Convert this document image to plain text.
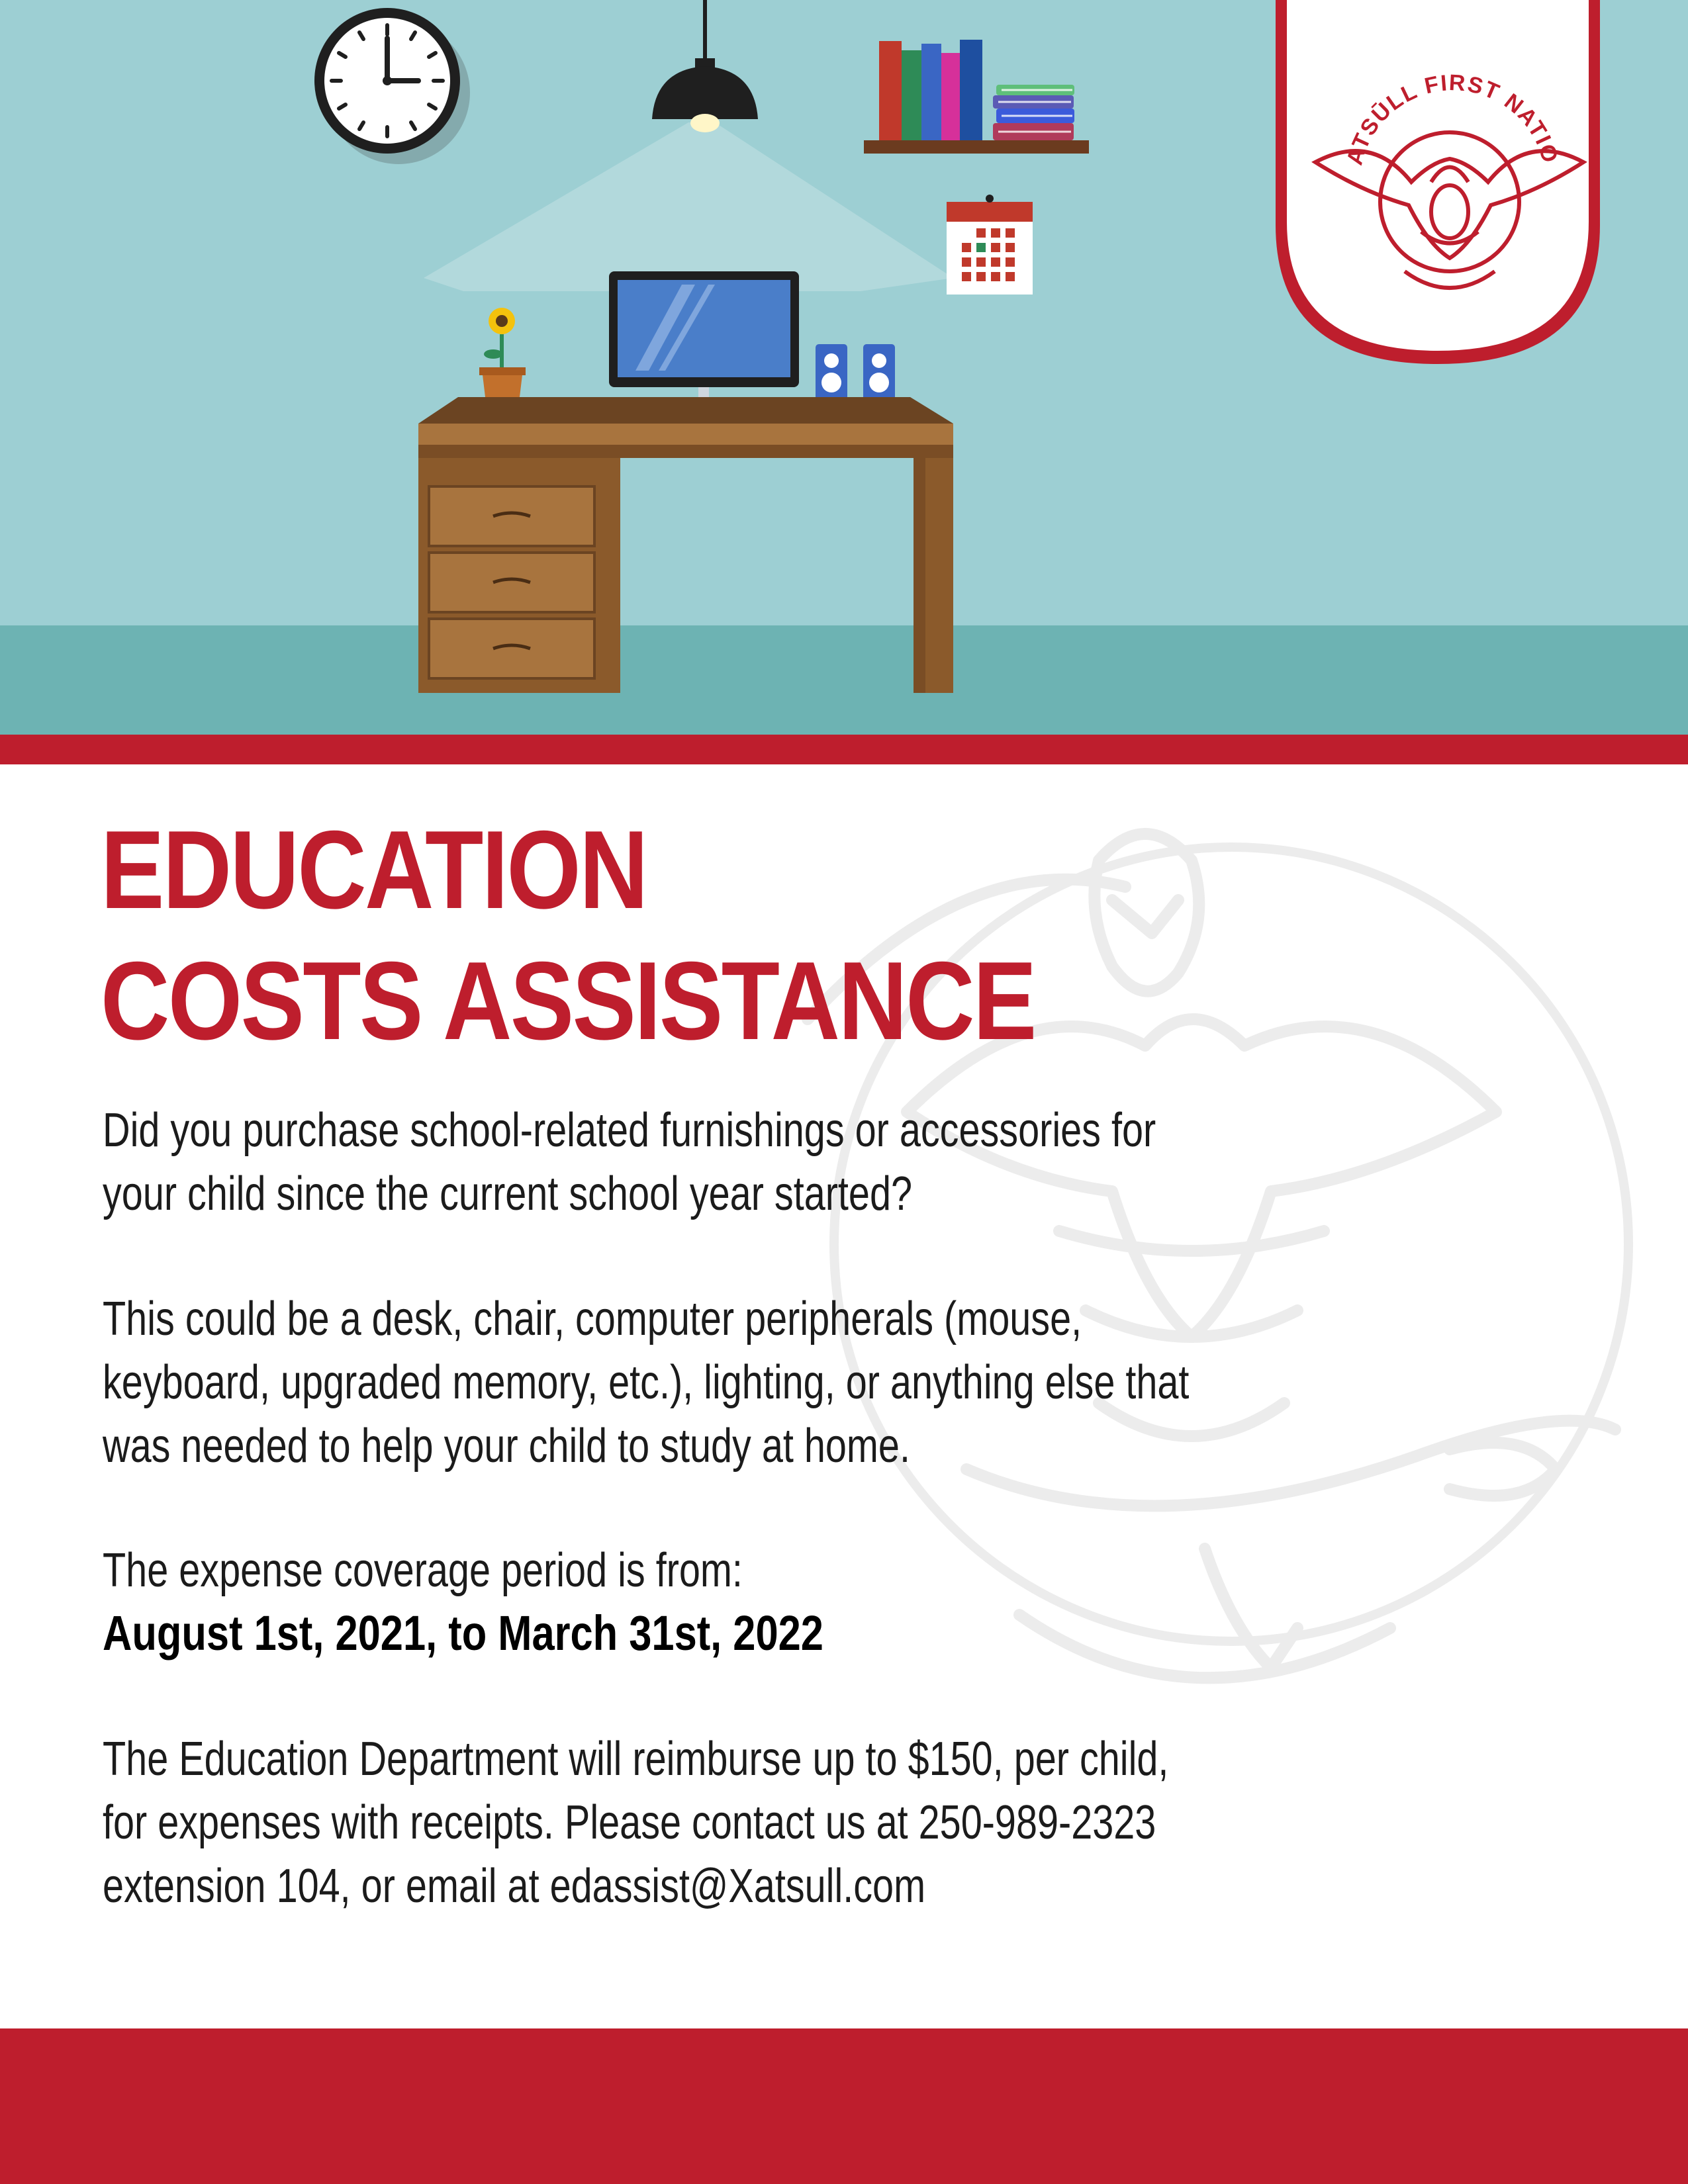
ATSŪLL FIRST NATIO
EDUCATION
COSTS ASSISTANCE
Did you purchase school-related furnishings or accessories for
your child since the current school year started?
This could be a desk, chair, computer peripherals (mouse,
keyboard, upgraded memory, etc.), lighting, or anything else that
was needed to help your child to study at home.
The expense coverage period is from:
August 1st, 2021, to March 31st, 2022
The Education Department will reimburse up to $150, per child,
for expenses with receipts. Please contact us at 250-989-2323
extension 104, or email at edassist@Xatsull.com
